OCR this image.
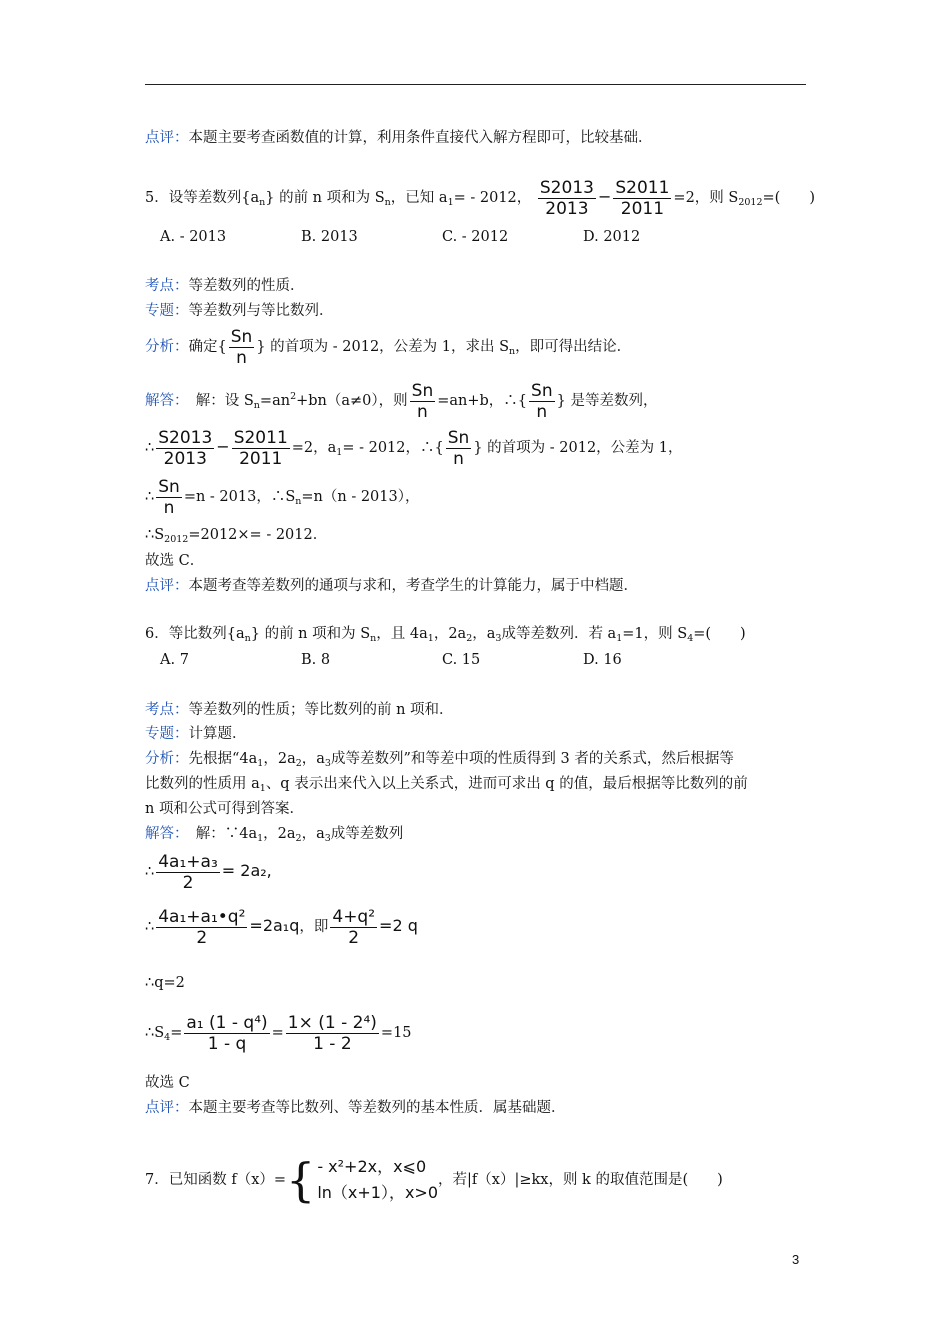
点评：本题主要考查函数值的计算，利用条件直接代入解方程即可，比较基础．
5．设等差数列$\{a_n\}$ 的前 n 项和为 $S_n$，已知 $a_1= - 2012$， $\frac{S2013}{2013} - \frac{S2011}{2011} =2$，则 $S_{2012}=$(　　)
A. - 2013	B. 2013	C. - 2012	D. 2012
考点：等差数列的性质．
专题：等差数列与等比数列．
分析：确定{ $\frac{Sn}{n}$ } 的首项为 - 2012，公差为 1，求出 $S_n$，即可得出结论．
解答：　解：设 $S_n=an^2+bn(a\ne 0)$，则 $\frac{Sn}{n} =an+b$，∴{ $\frac{Sn}{n}$ } 是等差数列，
∴ $\frac{S2013}{2013} - \frac{S2011}{2011} =2$，$a_1= - 2012$，∴{ $\frac{Sn}{n}$ } 的首项为 - 2012，公差为 1，
∴ $\frac{Sn}{n} =n - 2013$，$\therefore S_n=n(n - 2013)$，
$\therefore S_{2012}=2012\times= - 2012$．
故选 C．
点评：本题考查等差数列的通项与求和，考查学生的计算能力，属于中档题．
6．等比数列$\{a_n\}$ 的前 n 项和为 $S_n$，且 $4a_1$，$2a_2$，$a_3$成等差数列．若 $a_1=1$，则 $S_4=$(　　)
A. 7	B. 8	C. 15	D. 16
考点：等差数列的性质；等比数列的前 n 项和．
专题：计算题．
分析：先根据“$4a_1$，$2a_2$，$a_3$成等差数列”和等差中项的性质得到 3 者的关系式，然后根据等
比数列的性质用 $a_1$、q 表示出来代入以上关系式，进而可求出 q 的值，最后根据等比数列的前
n 项和公式可得到答案．
解答：　解：$\because 4a_1$，$2a_2$，$a_3$成等差数列
∴ $\frac{\text{4a₁+a₃}}{2} = 2a_2$,
∴ $\frac{\text{4a₁+a₁•q²}}{2} =2a_1q$，即 $\frac{\text{4+q²}}{2} =2$ q
∴q=2
$\therefore S_4= \frac{\text{a₁ (1 - q⁴)}}{1 - q} = \frac{\text{1× (1 - 2⁴)}}{1 - 2} =15$
故选 C
点评：本题主要考查等比数列、等差数列的基本性质．属基础题．
7．已知函数 f（x）={ - x²+2x，x⩽0
ln（x+1），x>0
，若|f（x）|≥kx，则 k 的取值范围是(　　)
3
